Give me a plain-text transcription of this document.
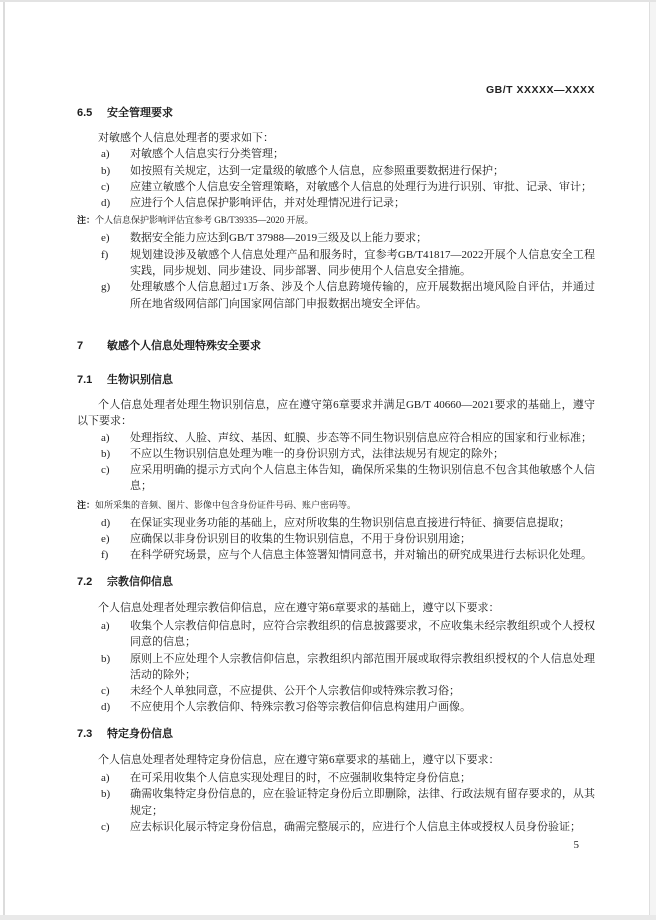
GB/T XXXXX—XXXX
6.5 安全管理要求

对敏感个人信息处理者的要求如下：

a) 对敏感个人信息实行分类管理；
b) 如按照有关规定，达到一定量级的敏感个人信息，应参照重要数据进行保护；
c) 应建立敏感个人信息安全管理策略，对敏感个人信息的处理行为进行识别、审批、记录、审计；
d) 应进行个人信息保护影响评估，并对处理情况进行记录；

注：个人信息保护影响评估宜参考 GB/T39335—2020 开展。

e) 数据安全能力应达到GB/T 37988—2019三级及以上能力要求；
f) 规划建设涉及敏感个人信息处理产品和服务时，宜参考GB/T41817—2022开展个人信息安全工程实践，同步规划、同步建设、同步部署、同步使用个人信息安全措施。
g) 处理敏感个人信息超过1万条、涉及个人信息跨境传输的，应开展数据出境风险自评估，并通过所在地省级网信部门向国家网信部门申报数据出境安全评估。
7 敏感个人信息处理特殊安全要求
7.1 生物识别信息

个人信息处理者处理生物识别信息，应在遵守第6章要求并满足GB/T 40660—2021要求的基础上，遵守以下要求：

a) 处理指纹、人脸、声纹、基因、虹膜、步态等不同生物识别信息应符合相应的国家和行业标准；
b) 不应以生物识别信息处理为唯一的身份识别方式，法律法规另有规定的除外；
c) 应采用明确的提示方式向个人信息主体告知，确保所采集的生物识别信息不包含其他敏感个人信息；

注：如所采集的音频、图片、影像中包含身份证件号码、账户密码等。

d) 在保证实现业务功能的基础上，应对所收集的生物识别信息直接进行特征、摘要信息提取；
e) 应确保以非身份识别目的收集的生物识别信息，不用于身份识别用途；
f) 在科学研究场景，应与个人信息主体签署知情同意书，并对输出的研究成果进行去标识化处理。
7.2 宗教信仰信息

个人信息处理者处理宗教信仰信息，应在遵守第6章要求的基础上，遵守以下要求：

a) 收集个人宗教信仰信息时，应符合宗教组织的信息披露要求，不应收集未经宗教组织或个人授权同意的信息；
b) 原则上不应处理个人宗教信仰信息，宗教组织内部范围开展或取得宗教组织授权的个人信息处理活动的除外；
c) 未经个人单独同意，不应提供、公开个人宗教信仰或特殊宗教习俗；
d) 不应使用个人宗教信仰、特殊宗教习俗等宗教信仰信息构建用户画像。
7.3 特定身份信息

个人信息处理者处理特定身份信息，应在遵守第6章要求的基础上，遵守以下要求：

a) 在可采用收集个人信息实现处理目的时，不应强制收集特定身份信息；
b) 确需收集特定身份信息的，应在验证特定身份后立即删除，法律、行政法规有留存要求的，从其规定；
c) 应去标识化展示特定身份信息，确需完整展示的，应进行个人信息主体或授权人员身份验证；
5
